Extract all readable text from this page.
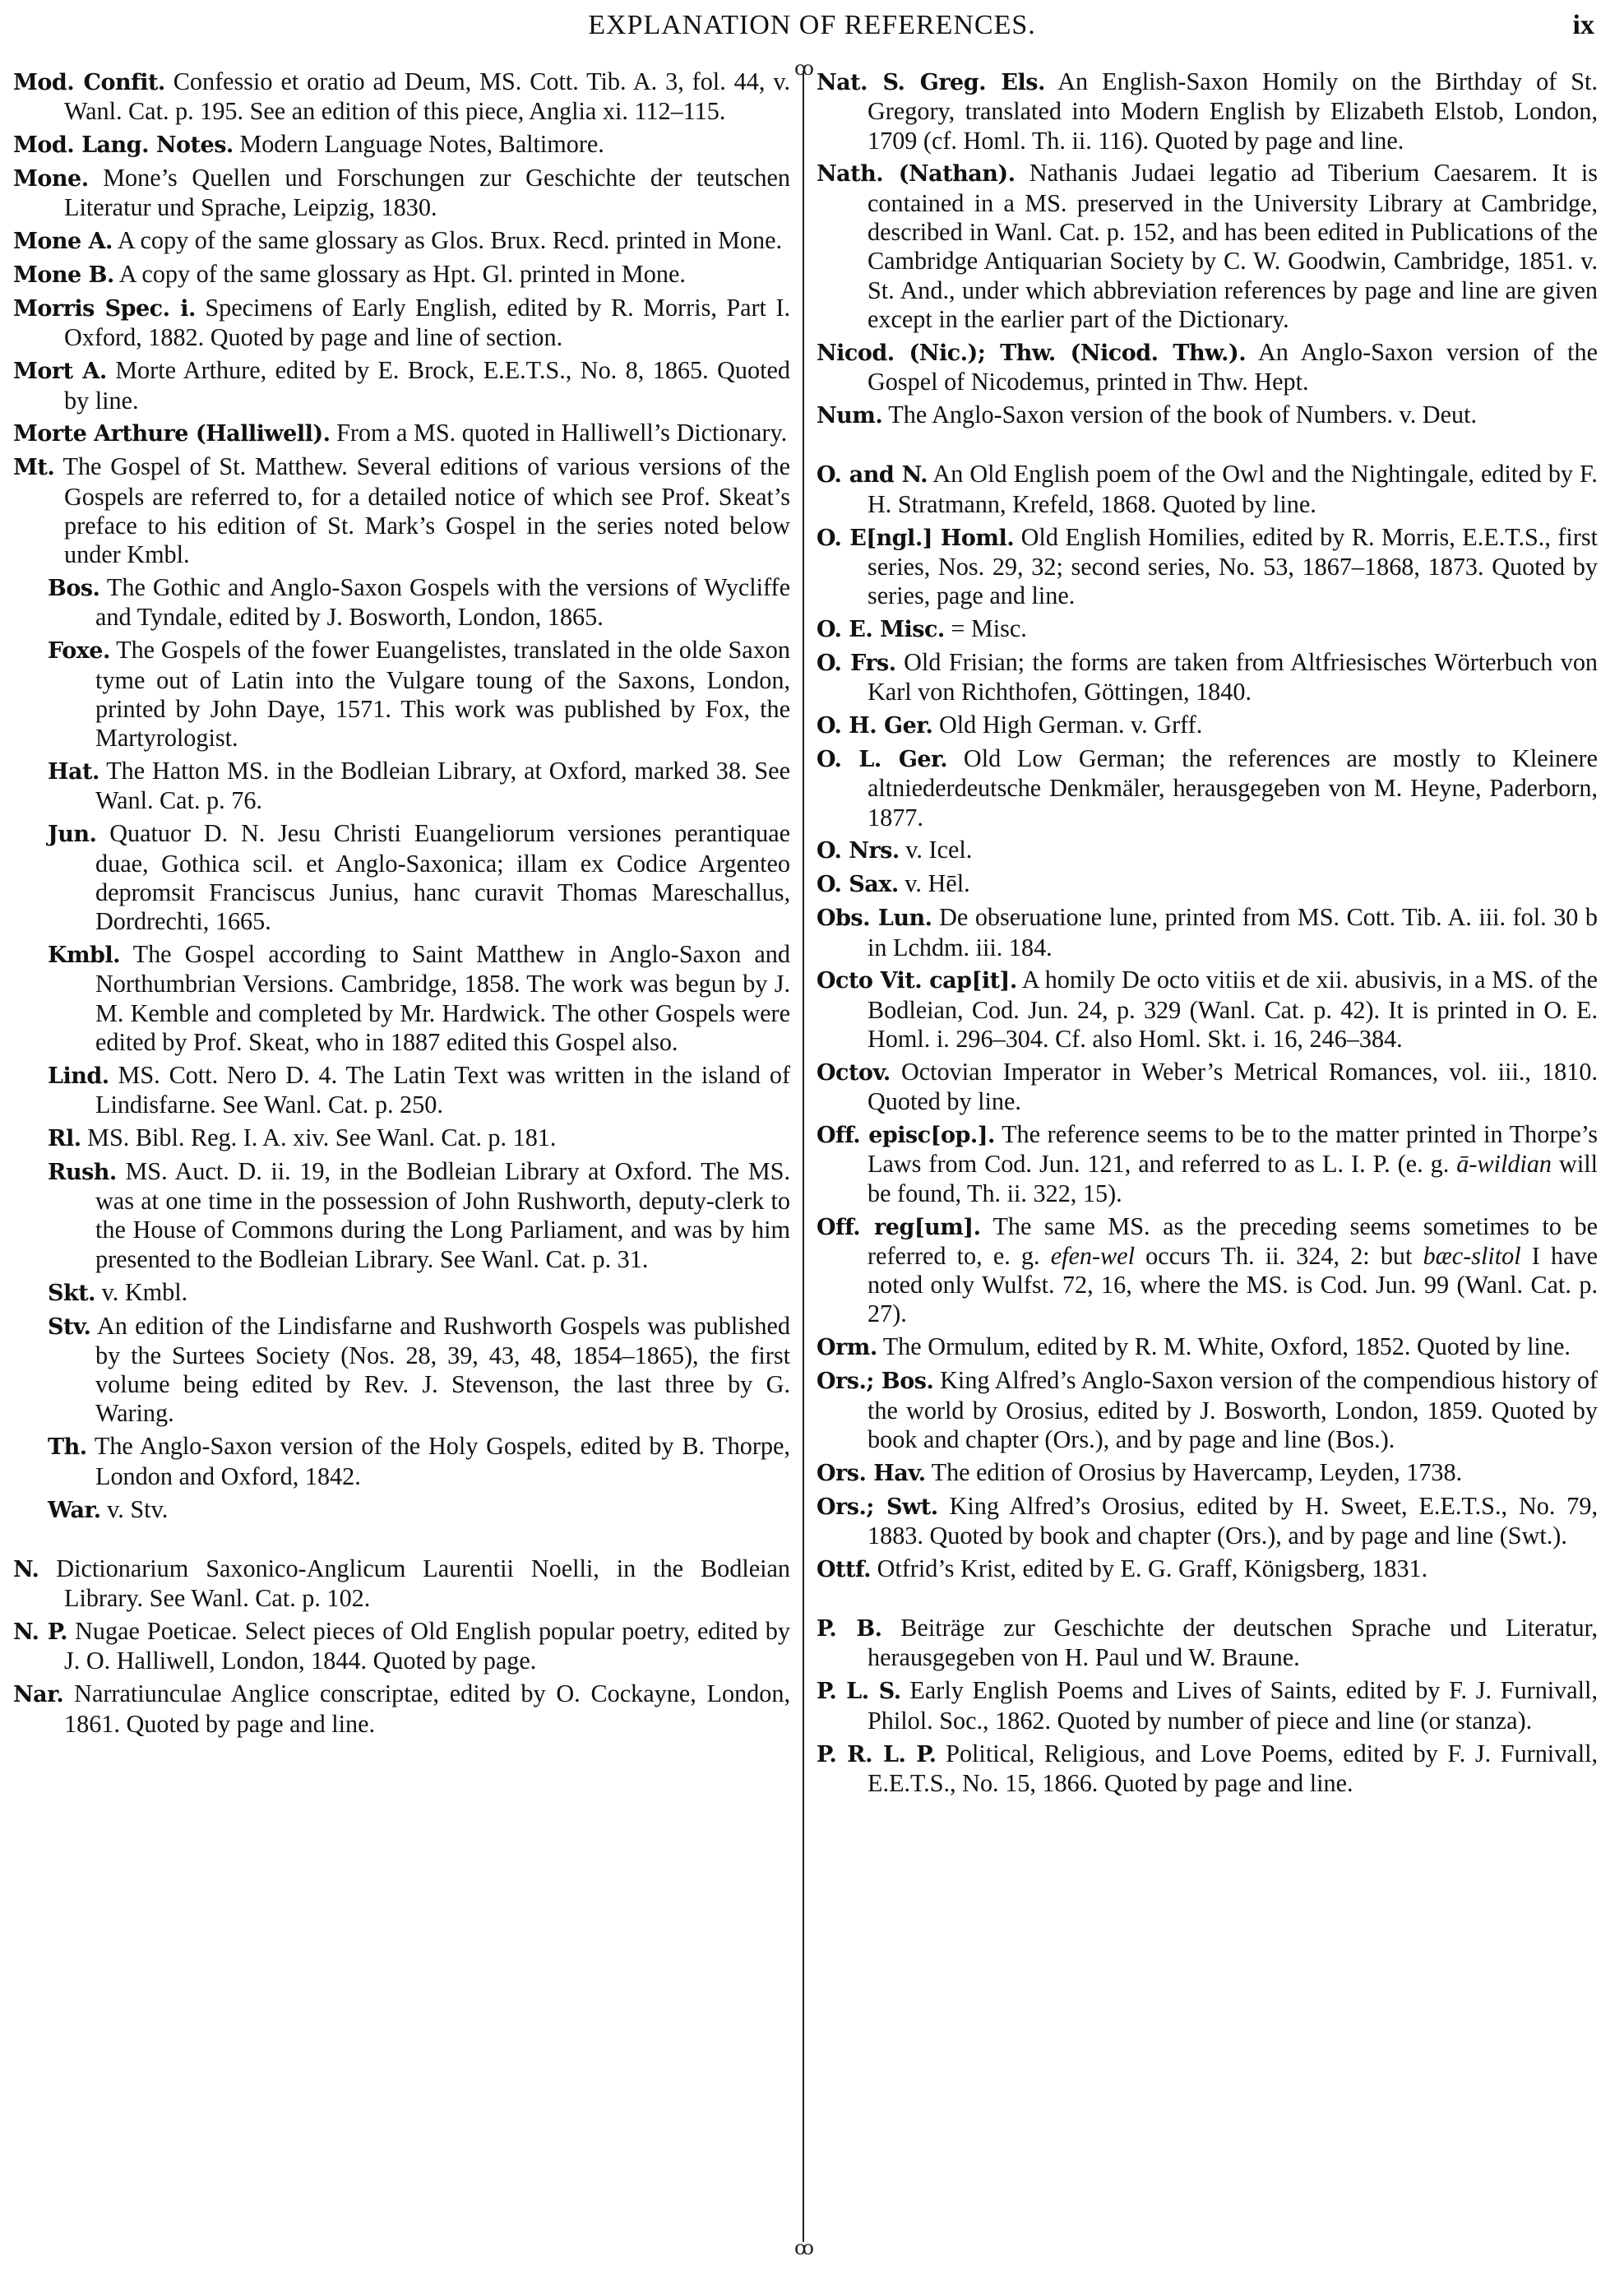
EXPLANATION OF REFERENCES.	ix
ꝏ
ꝏ

Mod. Confit. Confessio et oratio ad Deum, MS. Cott. Tib. A. 3, fol. 44, v. Wanl. Cat. p. 195. See an edition of this piece, Anglia xi. 112–115.

Mod. Lang. Notes. Modern Language Notes, Baltimore.

Mone. Mone’s Quellen und Forschungen zur Geschichte der teutschen Literatur und Sprache, Leipzig, 1830.

Mone A. A copy of the same glossary as Glos. Brux. Recd. printed in Mone.

Mone B. A copy of the same glossary as Hpt. Gl. printed in Mone.

Morris Spec. i. Specimens of Early English, edited by R. Morris, Part I. Oxford, 1882. Quoted by page and line of section.

Mort A. Morte Arthure, edited by E. Brock, E.E.T.S., No. 8, 1865. Quoted by line.

Morte Arthure (Halliwell). From a MS. quoted in Halliwell’s Dictionary.

Mt. The Gospel of St. Matthew. Several editions of various versions of the Gospels are referred to, for a detailed notice of which see Prof. Skeat’s preface to his edition of St. Mark’s Gospel in the series noted below under Kmbl.

Bos. The Gothic and Anglo-Saxon Gospels with the versions of Wycliffe and Tyndale, edited by J. Bosworth, London, 1865.

Foxe. The Gospels of the fower Euangelistes, translated in the olde Saxon tyme out of Latin into the Vulgare toung of the Saxons, London, printed by John Daye, 1571. This work was published by Fox, the Martyrologist.

Hat. The Hatton MS. in the Bodleian Library, at Oxford, marked 38. See Wanl. Cat. p. 76.

Jun. Quatuor D. N. Jesu Christi Euangeliorum versiones perantiquae duae, Gothica scil. et Anglo-Saxonica; illam ex Codice Argenteo depromsit Franciscus Junius, hanc curavit Thomas Mareschallus, Dordrechti, 1665.

Kmbl. The Gospel according to Saint Matthew in Anglo-Saxon and Northumbrian Versions. Cambridge, 1858. The work was begun by J. M. Kemble and completed by Mr. Hardwick. The other Gospels were edited by Prof. Skeat, who in 1887 edited this Gospel also.

Lind. MS. Cott. Nero D. 4. The Latin Text was written in the island of Lindisfarne. See Wanl. Cat. p. 250.

Rl. MS. Bibl. Reg. I. A. xiv. See Wanl. Cat. p. 181.

Rush. MS. Auct. D. ii. 19, in the Bodleian Library at Oxford. The MS. was at one time in the possession of John Rushworth, deputy-clerk to the House of Commons during the Long Parliament, and was by him presented to the Bodleian Library. See Wanl. Cat. p. 31.

Skt. v. Kmbl.

Stv. An edition of the Lindisfarne and Rushworth Gospels was published by the Surtees Society (Nos. 28, 39, 43, 48, 1854–1865), the first volume being edited by Rev. J. Stevenson, the last three by G. Waring.

Th. The Anglo-Saxon version of the Holy Gospels, edited by B. Thorpe, London and Oxford, 1842.

War. v. Stv.

N. Dictionarium Saxonico-Anglicum Laurentii Noelli, in the Bodleian Library. See Wanl. Cat. p. 102.

N. P. Nugae Poeticae. Select pieces of Old English popular poetry, edited by J. O. Halliwell, London, 1844. Quoted by page.

Nar. Narratiunculae Anglice conscriptae, edited by O. Cockayne, London, 1861. Quoted by page and line.

Nat. S. Greg. Els. An English-Saxon Homily on the Birthday of St. Gregory, translated into Modern English by Elizabeth Elstob, London, 1709 (cf. Homl. Th. ii. 116). Quoted by page and line.

Nath. (Nathan). Nathanis Judaei legatio ad Tiberium Caesarem. It is contained in a MS. preserved in the University Library at Cambridge, described in Wanl. Cat. p. 152, and has been edited in Publications of the Cambridge Antiquarian Society by C. W. Goodwin, Cambridge, 1851. v. St. And., under which abbreviation references by page and line are given except in the earlier part of the Dictionary.

Nicod. (Nic.); Thw. (Nicod. Thw.). An Anglo-Saxon version of the Gospel of Nicodemus, printed in Thw. Hept.

Num. The Anglo-Saxon version of the book of Numbers. v. Deut.

O. and N. An Old English poem of the Owl and the Nightingale, edited by F. H. Stratmann, Krefeld, 1868. Quoted by line.

O. E[ngl.] Homl. Old English Homilies, edited by R. Morris, E.E.T.S., first series, Nos. 29, 32; second series, No. 53, 1867–1868, 1873. Quoted by series, page and line.

O. E. Misc. = Misc.

O. Frs. Old Frisian; the forms are taken from Altfriesisches Wörterbuch von Karl von Richthofen, Göttingen, 1840.

O. H. Ger. Old High German. v. Grff.

O. L. Ger. Old Low German; the references are mostly to Kleinere altniederdeutsche Denkmäler, herausgegeben von M. Heyne, Paderborn, 1877.

O. Nrs. v. Icel.

O. Sax. v. Hēl.

Obs. Lun. De obseruatione lune, printed from MS. Cott. Tib. A. iii. fol. 30 b in Lchdm. iii. 184.

Octo Vit. cap[it]. A homily De octo vitiis et de xii. abusivis, in a MS. of the Bodleian, Cod. Jun. 24, p. 329 (Wanl. Cat. p. 42). It is printed in O. E. Homl. i. 296–304. Cf. also Homl. Skt. i. 16, 246–384.

Octov. Octovian Imperator in Weber’s Metrical Romances, vol. iii., 1810. Quoted by line.

Off. episc[op.]. The reference seems to be to the matter printed in Thorpe’s Laws from Cod. Jun. 121, and referred to as L. I. P. (e. g. ā-wildian will be found, Th. ii. 322, 15).

Off. reg[um]. The same MS. as the preceding seems sometimes to be referred to, e. g. efen-wel occurs Th. ii. 324, 2: but bæc-slitol I have noted only Wulfst. 72, 16, where the MS. is Cod. Jun. 99 (Wanl. Cat. p. 27).

Orm. The Ormulum, edited by R. M. White, Oxford, 1852. Quoted by line.

Ors.; Bos. King Alfred’s Anglo-Saxon version of the compendious history of the world by Orosius, edited by J. Bosworth, London, 1859. Quoted by book and chapter (Ors.), and by page and line (Bos.).

Ors. Hav. The edition of Orosius by Havercamp, Leyden, 1738.

Ors.; Swt. King Alfred’s Orosius, edited by H. Sweet, E.E.T.S., No. 79, 1883. Quoted by book and chapter (Ors.), and by page and line (Swt.).

Ottf. Otfrid’s Krist, edited by E. G. Graff, Königsberg, 1831.

P. B. Beiträge zur Geschichte der deutschen Sprache und Literatur, herausgegeben von H. Paul und W. Braune.

P. L. S. Early English Poems and Lives of Saints, edited by F. J. Furnivall, Philol. Soc., 1862. Quoted by number of piece and line (or stanza).

P. R. L. P. Political, Religious, and Love Poems, edited by F. J. Furnivall, E.E.T.S., No. 15, 1866. Quoted by page and line.
